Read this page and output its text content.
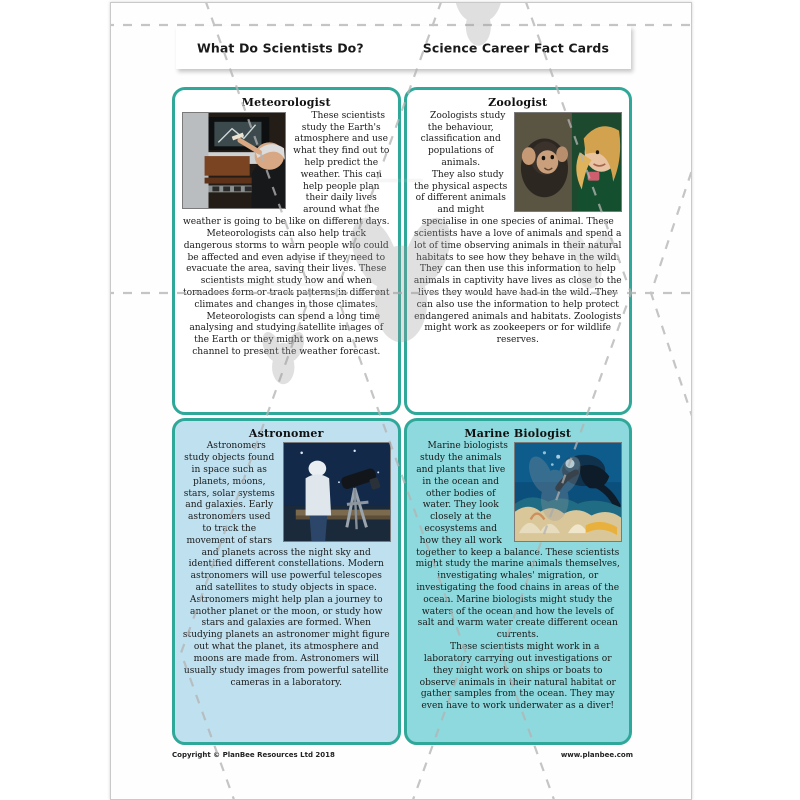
What Do Scientists Do?	Science Career Fact Cards
Meteorologist

These scientists study the Earth's atmosphere and use what they find out to help predict the weather. This can help people plan their daily lives around what the weather is going to be like on different days. Meteorologists can also help track dangerous storms to warn people who could be affected and even advise if they need to evacuate the area, saving their lives. These scientists might study how and when tornadoes form or track patterns in different climates and changes in those climates.

Meteorologists can spend a long time analysing and studying satellite images of the Earth or they might work on a news channel to present the weather forecast.

Zoologist

Zoologists study the behaviour, classification and populations of animals.

They also study the physical aspects of different animals and might specialise in one species of animal. These scientists have a love of animals and spend a lot of time observing animals in their natural habitats to see how they behave in the wild. They can then use this information to help animals in captivity have lives as close to the lives they would have had in the wild. They can also use the information to help protect endangered animals and habitats. Zoologists might work as zookeepers or for wildlife reserves.

Astronomer

Astronomers study objects found in space such as planets, moons, stars, solar systems and galaxies. Early astronomers used to track the movement of stars and planets across the night sky and identified different constellations. Modern astronomers will use powerful telescopes and satellites to study objects in space. Astronomers might help plan a journey to another planet or the moon, or study how stars and galaxies are formed. When studying planets an astronomer might figure out what the planet, its atmosphere and moons are made from. Astronomers will usually study images from powerful satellite cameras in a laboratory.

Marine Biologist

Marine biologists study the animals and plants that live in the ocean and other bodies of water. They look closely at the ecosystems and how they all work together to keep a balance. These scientists might study the marine animals themselves, investigating whales' migration, or investigating the food chains in areas of the ocean. Marine biologists might study the waters of the ocean and how the levels of salt and warm water create different ocean currents.

These scientists might work in a laboratory carrying out investigations or they might work on ships or boats to observe animals in their natural habitat or gather samples from the ocean. They may even have to work underwater as a diver!

Copyright © PlanBee Resources Ltd 2018	www.planbee.com
